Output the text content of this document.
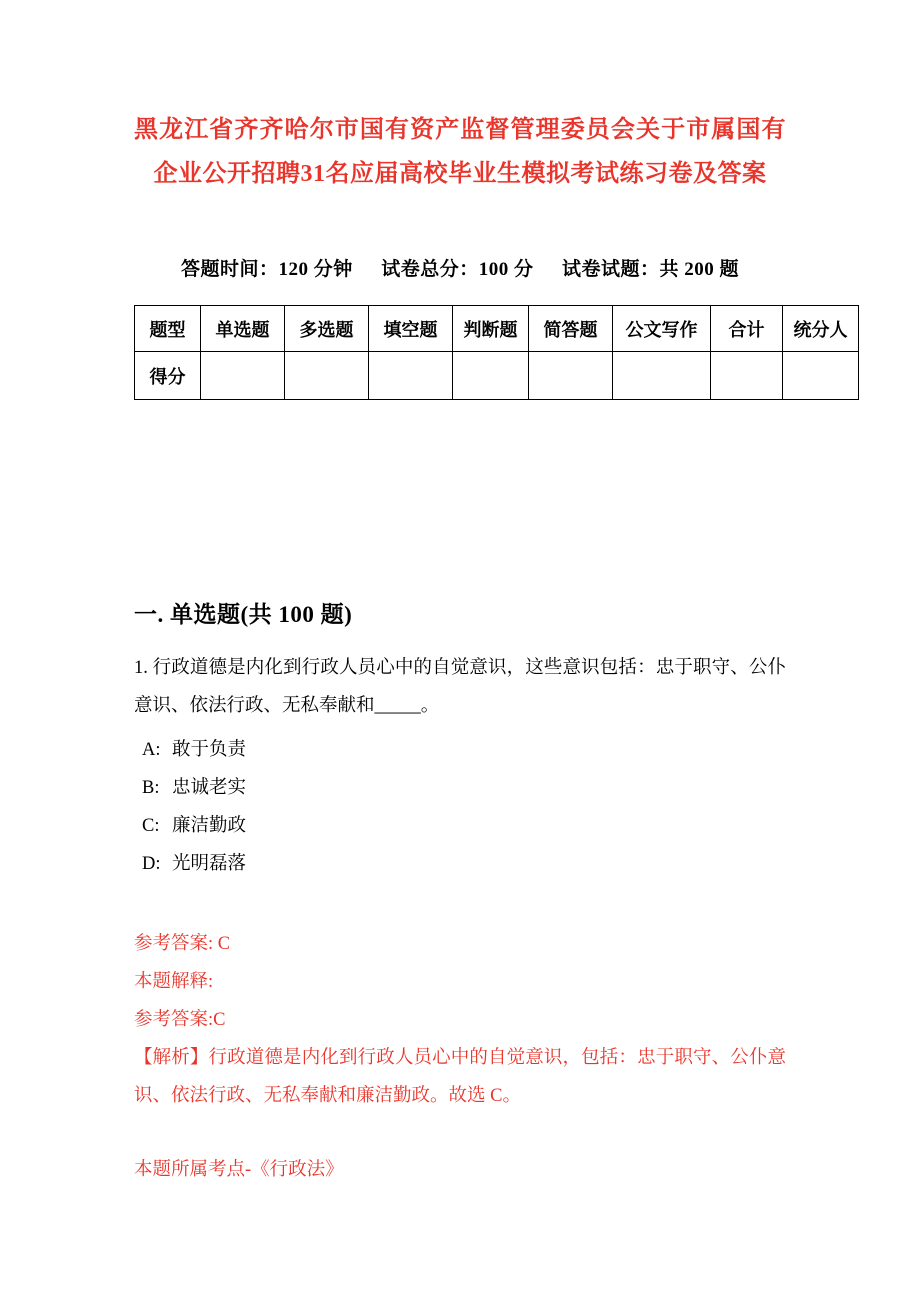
黑龙江省齐齐哈尔市国有资产监督管理委员会关于市属国有企业公开招聘31名应届高校毕业生模拟考试练习卷及答案
答题时间：120 分钟 试卷总分：100 分 试卷试题：共 200 题
题型	单选题	多选题	填空题	判断题	简答题	公文写作	合计	统分人
得分								
一. 单选题(共 100 题)
1. 行政道德是内化到行政人员心中的自觉意识，这些意识包括：忠于职守、公仆意识、依法行政、无私奉献和_____。
A: 敢于负责
B: 忠诚老实
C: 廉洁勤政
D: 光明磊落
参考答案: C
本题解释:
参考答案:C
【解析】行政道德是内化到行政人员心中的自觉意识，包括：忠于职守、公仆意识、依法行政、无私奉献和廉洁勤政。故选 C。
本题所属考点-《行政法》
